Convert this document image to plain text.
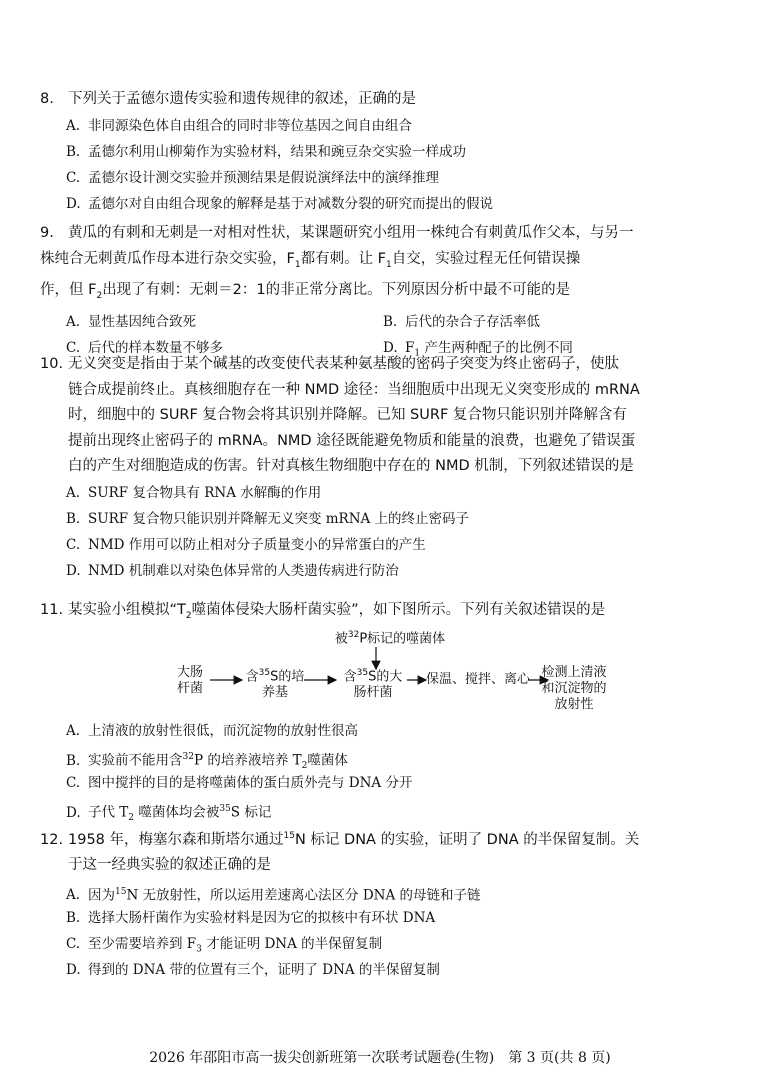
8. 下列关于孟德尔遗传实验和遗传规律的叙述，正确的是
A. 非同源染色体自由组合的同时非等位基因之间自由组合
B. 孟德尔利用山柳菊作为实验材料，结果和豌豆杂交实验一样成功
C. 孟德尔设计测交实验并预测结果是假说演绎法中的演绎推理
D. 孟德尔对自由组合现象的解释是基于对减数分裂的研究而提出的假说
9. 黄瓜的有刺和无刺是一对相对性状，某课题研究小组用一株纯合有刺黄瓜作父本，与另一
株纯合无刺黄瓜作母本进行杂交实验，$F_1$都有刺。让 $F_1$自交，实验过程无任何错误操
作，但 $F_2$出现了有刺：无刺＝2：1的非正常分离比。下列原因分析中最不可能的是
A. 显性基因纯合致死	B. 后代的杂合子存活率低
C. 后代的样本数量不够多	D. $F_1$ 产生两种配子的比例不同
10. 无义突变是指由于某个碱基的改变使代表某种氨基酸的密码子突变为终止密码子，使肽
链合成提前终止。真核细胞存在一种 NMD 途径：当细胞质中出现无义突变形成的 mRNA
时，细胞中的 SURF 复合物会将其识别并降解。已知 SURF 复合物只能识别并降解含有
提前出现终止密码子的 mRNA。NMD 途径既能避免物质和能量的浪费，也避免了错误蛋
白的产生对细胞造成的伤害。针对真核生物细胞中存在的 NMD 机制，下列叙述错误的是
A. SURF 复合物具有 RNA 水解酶的作用
B. SURF 复合物只能识别并降解无义突变 mRNA 上的终止密码子
C. NMD 作用可以防止相对分子质量变小的异常蛋白的产生
D. NMD 机制难以对染色体异常的人类遗传病进行防治
11. 某实验小组模拟“$T_2$噬菌体侵染大肠杆菌实验”，如下图所示。下列有关叙述错误的是
被$^{32}$P标记的噬菌体
大肠
杆菌
含$^{35}$S的培
养基
含$^{35}$S的大
肠杆菌
保温、搅拌、离心 检测上清液
和沉淀物的
放射性
A. 上清液的放射性很低，而沉淀物的放射性很高
B. 实验前不能用含$^{32}$P 的培养液培养 $T_2$噬菌体
C. 图中搅拌的目的是将噬菌体的蛋白质外壳与 DNA 分开
D. 子代 $T_2$ 噬菌体均会被$^{35}$S 标记
12. 1958 年，梅塞尔森和斯塔尔通过$^{15}$N 标记 DNA 的实验，证明了 DNA 的半保留复制。关
于这一经典实验的叙述正确的是
A. 因为$^{15}$N 无放射性，所以运用差速离心法区分 DNA 的母链和子链
B. 选择大肠杆菌作为实验材料是因为它的拟核中有环状 DNA
C. 至少需要培养到 $F_3$ 才能证明 DNA 的半保留复制
D. 得到的 DNA 带的位置有三个，证明了 DNA 的半保留复制
2026 年邵阳市高一拔尖创新班第一次联考试题卷(生物)　第 3 页(共 8 页)
